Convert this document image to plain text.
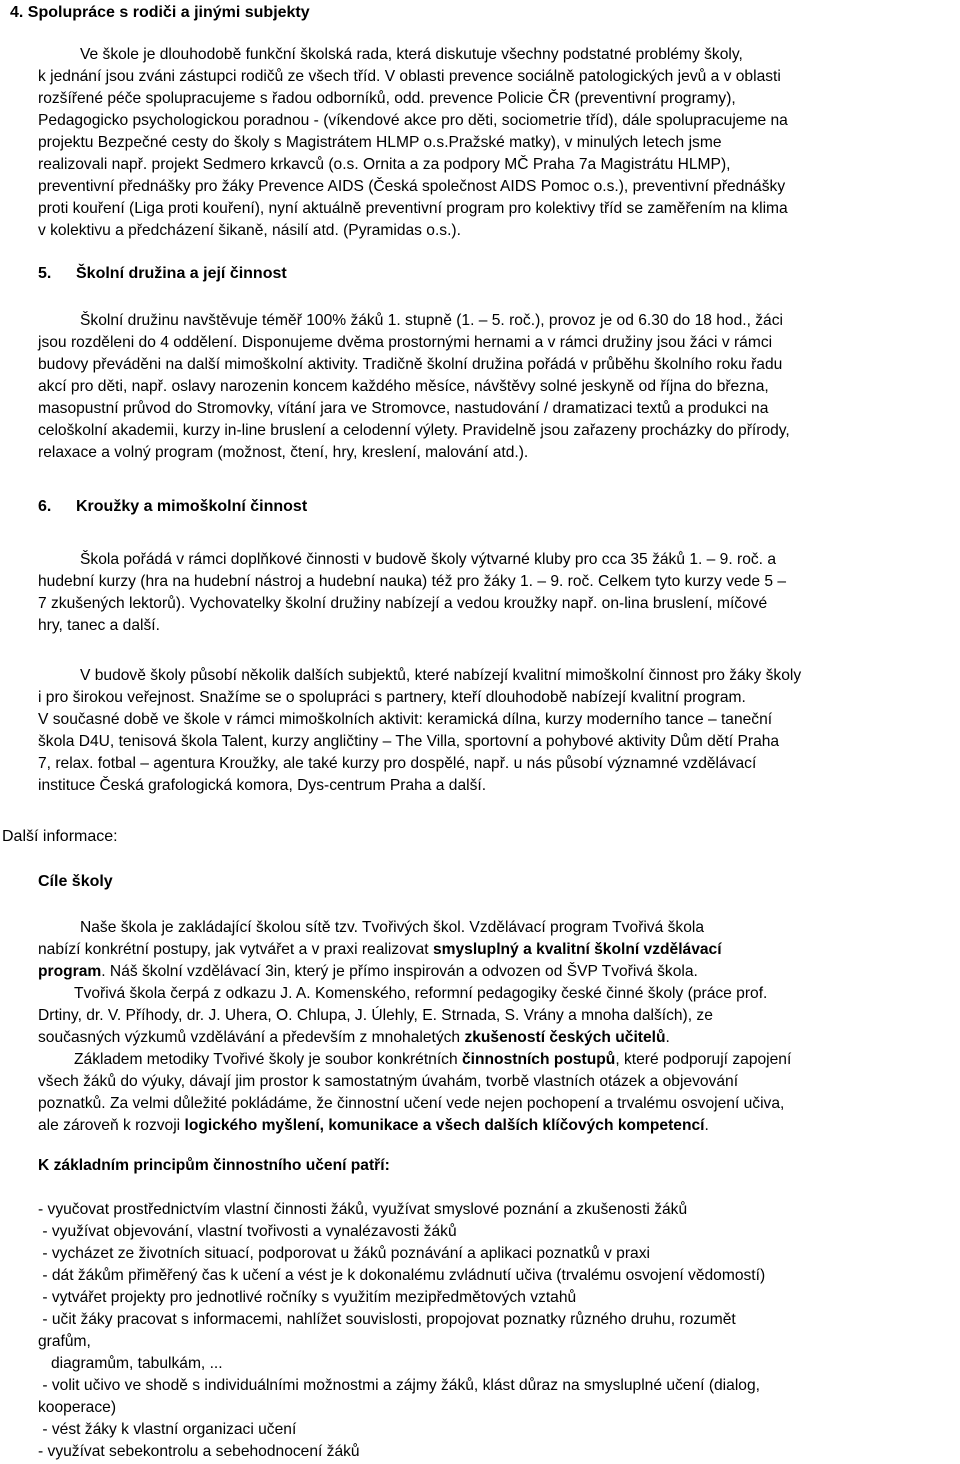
4. Spolupráce s rodiči a jinými subjekty
Ve škole je dlouhodobě funkční školská rada, která diskutuje všechny podstatné problémy školy,
k jednání jsou zváni zástupci rodičů ze všech tříd. V oblasti prevence sociálně patologických jevů a v oblasti
rozšířené péče spolupracujeme s řadou odborníků, odd. prevence Policie ČR (preventivní programy),
Pedagogicko psychologickou poradnou - (víkendové akce pro děti, sociometrie tříd), dále spolupracujeme na
projektu Bezpečné cesty do školy s Magistrátem HLMP o.s.Pražské matky), v minulých letech jsme
realizovali např. projekt Sedmero krkavců (o.s. Ornita a za podpory MČ Praha 7a Magistrátu HLMP),
preventivní přednášky pro žáky Prevence AIDS (Česká společnost AIDS Pomoc o.s.), preventivní přednášky
proti kouření (Liga proti kouření), nyní aktuálně preventivní program pro kolektivy tříd se zaměřením na klima
v kolektivu a předcházení šikaně, násilí atd. (Pyramidas o.s.).
5. Školní družina a její činnost
Školní družinu navštěvuje téměř 100% žáků 1. stupně (1. – 5. roč.), provoz je od 6.30 do 18 hod., žáci
jsou rozděleni do 4 oddělení. Disponujeme dvěma prostornými hernami a v rámci družiny jsou žáci v rámci
budovy převáděni na další mimoškolní aktivity. Tradičně školní družina pořádá v průběhu školního roku řadu
akcí pro děti, např. oslavy narozenin koncem každého měsíce, návštěvy solné jeskyně od října do března,
masopustní průvod do Stromovky, vítání jara ve Stromovce, nastudování / dramatizaci textů a produkci na
celoškolní akademii, kurzy in-line bruslení a celodenní výlety. Pravidelně jsou zařazeny procházky do přírody,
relaxace a volný program (možnost, čtení, hry, kreslení, malování atd.).
6. Kroužky a mimoškolní činnost
Škola pořádá v rámci doplňkové činnosti v budově školy výtvarné kluby pro cca 35 žáků 1. – 9. roč. a
hudební kurzy (hra na hudební nástroj a hudební nauka) též pro žáky 1. – 9. roč. Celkem tyto kurzy vede 5 –
7 zkušených lektorů). Vychovatelky školní družiny nabízejí a vedou kroužky např. on-lina bruslení, míčové
hry, tanec a další.
V budově školy působí několik dalších subjektů, které nabízejí kvalitní mimoškolní činnost pro žáky školy
i pro širokou veřejnost. Snažíme se o spolupráci s partnery, kteří dlouhodobě nabízejí kvalitní program.
V současné době ve škole v rámci mimoškolních aktivit: keramická dílna, kurzy moderního tance – taneční
škola D4U, tenisová škola Talent, kurzy angličtiny – The Villa, sportovní a pohybové aktivity Dům dětí Praha
7, relax. fotbal – agentura Kroužky, ale také kurzy pro dospělé, např. u nás působí významné vzdělávací
instituce Česká grafologická komora, Dys-centrum Praha a další.
Další informace:
Cíle školy
Naše škola je zakládající školou sítě tzv. Tvořivých škol. Vzdělávací program Tvořivá škola
nabízí konkrétní postupy, jak vytvářet a v praxi realizovat smysluplný a kvalitní školní vzdělávací
program. Náš školní vzdělávací 3in, který je přímo inspirován a odvozen od ŠVP Tvořivá škola.
Tvořivá škola čerpá z odkazu J. A. Komenského, reformní pedagogiky české činné školy (práce prof.
Drtiny, dr. V. Příhody, dr. J. Uhera, O. Chlupa, J. Úlehly, E. Strnada, S. Vrány a mnoha dalších), ze
současných výzkumů vzdělávání a především z mnohaletých zkušeností českých učitelů.
Základem metodiky Tvořivé školy je soubor konkrétních činnostních postupů, které podporují zapojení
všech žáků do výuky, dávají jim prostor k samostatným úvahám, tvorbě vlastních otázek a objevování
poznatků. Za velmi důležité pokládáme, že činnostní učení vede nejen pochopení a trvalému osvojení učiva,
ale zároveň k rozvoji logického myšlení, komunikace a všech dalších klíčových kompetencí.
K základním principům činnostního učení patří:
- vyučovat prostřednictvím vlastní činnosti žáků, využívat smyslové poznání a zkušenosti žáků
- využívat objevování, vlastní tvořivosti a vynalézavosti žáků
- vycházet ze životních situací, podporovat u žáků poznávání a aplikaci poznatků v praxi
- dát žákům přiměřený čas k učení a vést je k dokonalému zvládnutí učiva (trvalému osvojení vědomostí)
- vytvářet projekty pro jednotlivé ročníky s využitím mezipředmětových vztahů
- učit žáky pracovat s informacemi, nahlížet souvislosti, propojovat poznatky různého druhu, rozumět
grafům,
diagramům, tabulkám, ...
- volit učivo ve shodě s individuálními možnostmi a zájmy žáků, klást důraz na smysluplné učení (dialog,
kooperace)
- vést žáky k vlastní organizaci učení
- využívat sebekontrolu a sebehodnocení žáků
